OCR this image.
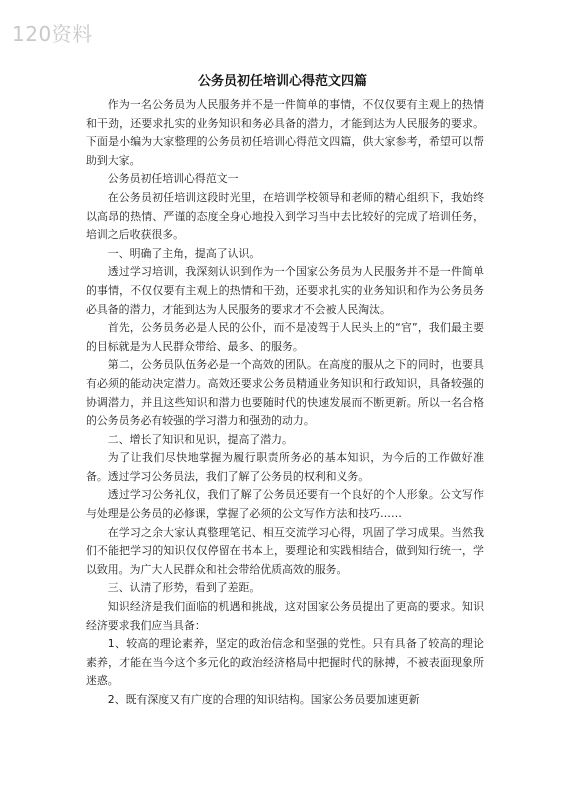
120资料
公务员初任培训心得范文四篇

作为一名公务员为人民服务并不是一件简单的事情，不仅仅要有主观上的热情和干劲，还要求扎实的业务知识和务必具备的潜力，才能到达为人民服务的要求。下面是小编为大家整理的公务员初任培训心得范文四篇，供大家参考，希望可以帮助到大家。

公务员初任培训心得范文一

在公务员初任培训这段时光里，在培训学校领导和老师的精心组织下，我始终以高昂的热情、严谨的态度全身心地投入到学习当中去比较好的完成了培训任务，培训之后收获很多。

一、明确了主角，提高了认识。

透过学习培训，我深刻认识到作为一个国家公务员为人民服务并不是一件简单的事情，不仅仅要有主观上的热情和干劲，还要求扎实的业务知识和作为公务员务必具备的潜力，才能到达为人民服务的要求才不会被人民淘汰。

首先，公务员务必是人民的公仆，而不是凌驾于人民头上的“官”，我们最主要的目标就是为人民群众带给、最多、的服务。

第二，公务员队伍务必是一个高效的团队。在高度的服从之下的同时，也要具有必须的能动决定潜力。高效还要求公务员精通业务知识和行政知识，具备较强的协调潜力，并且这些知识和潜力也要随时代的快速发展而不断更新。所以一名合格的公务员务必有较强的学习潜力和强劲的动力。

二、增长了知识和见识，提高了潜力。

为了让我们尽快地掌握为履行职责所务必的基本知识，为今后的工作做好准备。透过学习公务员法，我们了解了公务员的权利和义务。

透过学习公务礼仪，我们了解了公务员还要有一个良好的个人形象。公文写作与处理是公务员的必修课，掌握了必须的公文写作方法和技巧……

在学习之余大家认真整理笔记、相互交流学习心得，巩固了学习成果。当然我们不能把学习的知识仅仅停留在书本上，要理论和实践相结合，做到知行统一，学以致用。为广大人民群众和社会带给优质高效的服务。

三、认清了形势，看到了差距。

知识经济是我们面临的机遇和挑战，这对国家公务员提出了更高的要求。知识经济要求我们应当具备：

1、较高的理论素养，坚定的政治信念和坚强的党性。只有具备了较高的理论素养，才能在当今这个多元化的政治经济格局中把握时代的脉搏，不被表面现象所迷惑。

2、既有深度又有广度的合理的知识结构。国家公务员要加速更新
